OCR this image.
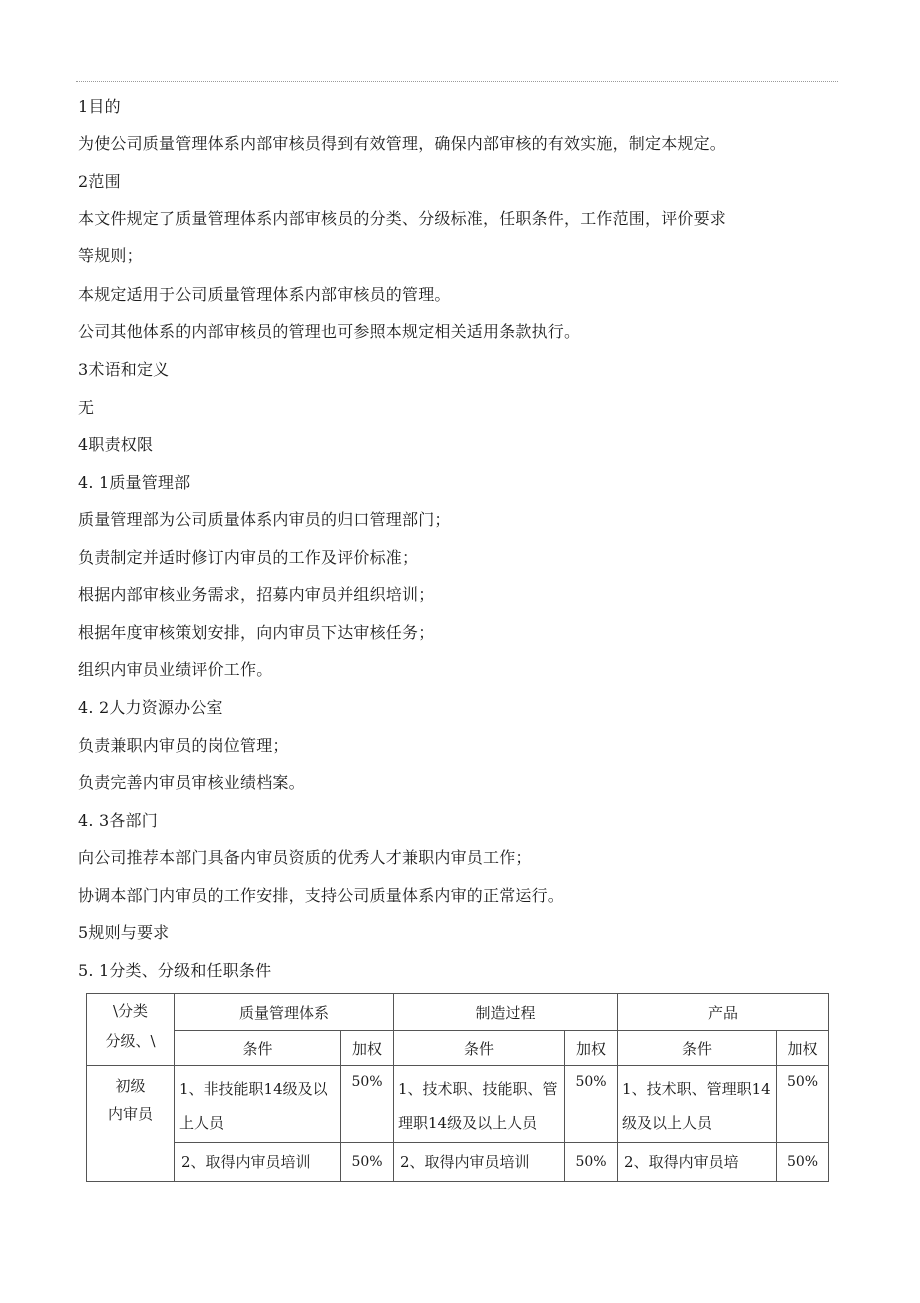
1目的
为使公司质量管理体系内部审核员得到有效管理，确保内部审核的有效实施，制定本规定。
2范围
本文件规定了质量管理体系内部审核员的分类、分级标准，任职条件，工作范围，评价要求
等规则；
本规定适用于公司质量管理体系内部审核员的管理。
公司其他体系的内部审核员的管理也可参照本规定相关适用条款执行。
3术语和定义
无
4职责权限
4. 1质量管理部
质量管理部为公司质量体系内审员的归口管理部门；
负责制定并适时修订内审员的工作及评价标准；
根据内部审核业务需求，招募内审员并组织培训；
根据年度审核策划安排，向内审员下达审核任务；
组织内审员业绩评价工作。
4. 2人力资源办公室
负责兼职内审员的岗位管理；
负责完善内审员审核业绩档案。
4. 3各部门
向公司推荐本部门具备内审员资质的优秀人才兼职内审员工作；
协调本部门内审员的工作安排，支持公司质量体系内审的正常运行。
5规则与要求
5. 1分类、分级和任职条件
\分类
分级、\	质量管理体系		制造过程		产品	
	条件	加权	条件	加权	条件	加权

初级
内审员	1、非技能职14级及以上人员	50%	1、技术职、技能职、管理职14级及以上人员	50%	1、技术职、管理职14级及以上人员	50%
	2、取得内审员培训	50%	2、取得内审员培训	50%	2、取得内审员培	50%
